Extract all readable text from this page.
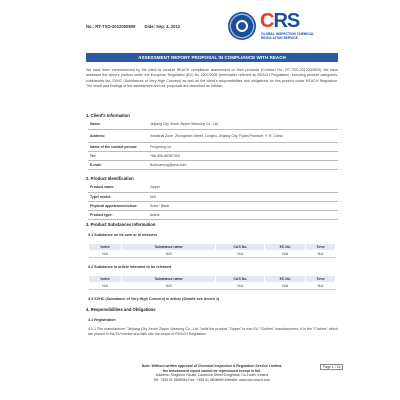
No.: RT-TSO-2012000809 Date: Sep. 4, 2012	CRS
GLOBAL INSPECTION CHEMICAL
REGULATION SERVICE
ASSESSMENT REPORT PROPOSAL IN COMPLIANCE WITH REACH

We have been commissioned by the client to conduct REACH compliance assessment on their products (Contract No.: RT-TSO-2012000809). We have assessed the client's product under the European Regulation (EC) No 1907/2006 (hereinafter referred as REACH Regulation), including product categories, substances list, SVHC (Substances of Very High Concern) as well as the client's responsibilities and obligations for this product under REACH Regulation. The result and findings of the assessment and our proposals are described as follows:

1. Client's Information
Name:	Jinjiang City Xinxin Zipper Weaving Co., Ltd.
Address:	Industrial Zone, Zhongshan Street, Longhu, Jinjiang City, Fujian Province, P. R. China
Name of the contact person:	Fengming Lin
Tel:	+86-595-85287009
E-mail:	liuchuanong@sina.com
2. Product Identification
Product name:	Zipper
Type/ model:	N/A
Physical appearance/colour:	Solid / Black
Product type:	Article
3. Product Substances Information
3.1 Substance on its own or in mixtures
Index	Substance name	CAS No.	EC No.	Tone
N/A	N/A	N/A	N/A	N/A
3.2 Substance in article intended to be released
Index	Substance name	CAS No.	EC No.	Tone
N/A	N/A	N/A	N/A	N/A
3.3 SVHC (Substance of Very High Concern) in article (Details see Annex 1)
4. Responsibilities and Obligations
4.1 Registration

4.1.1 The manufacturer "Jinjiang City Xinxin Zipper Weaving Co., Ltd. "sells the product "Zipper" to non-EU "Clothes" manufacturers. It is the "Clothes" which are placed in the EU market and falls into the scope of REACH Regulation.

Note: Without written approval of Chemical Inspection & Regulation Service Limited,
the assessment report cannot be reproduced except in full.
Address: Singleton House, Laurence Street Drogheda, Co.Louth, Ireland
Tel: +353 41 9806916 Fax: +353 41 9806999 Website: www.cirs-reach.com
Page 1 / 15
